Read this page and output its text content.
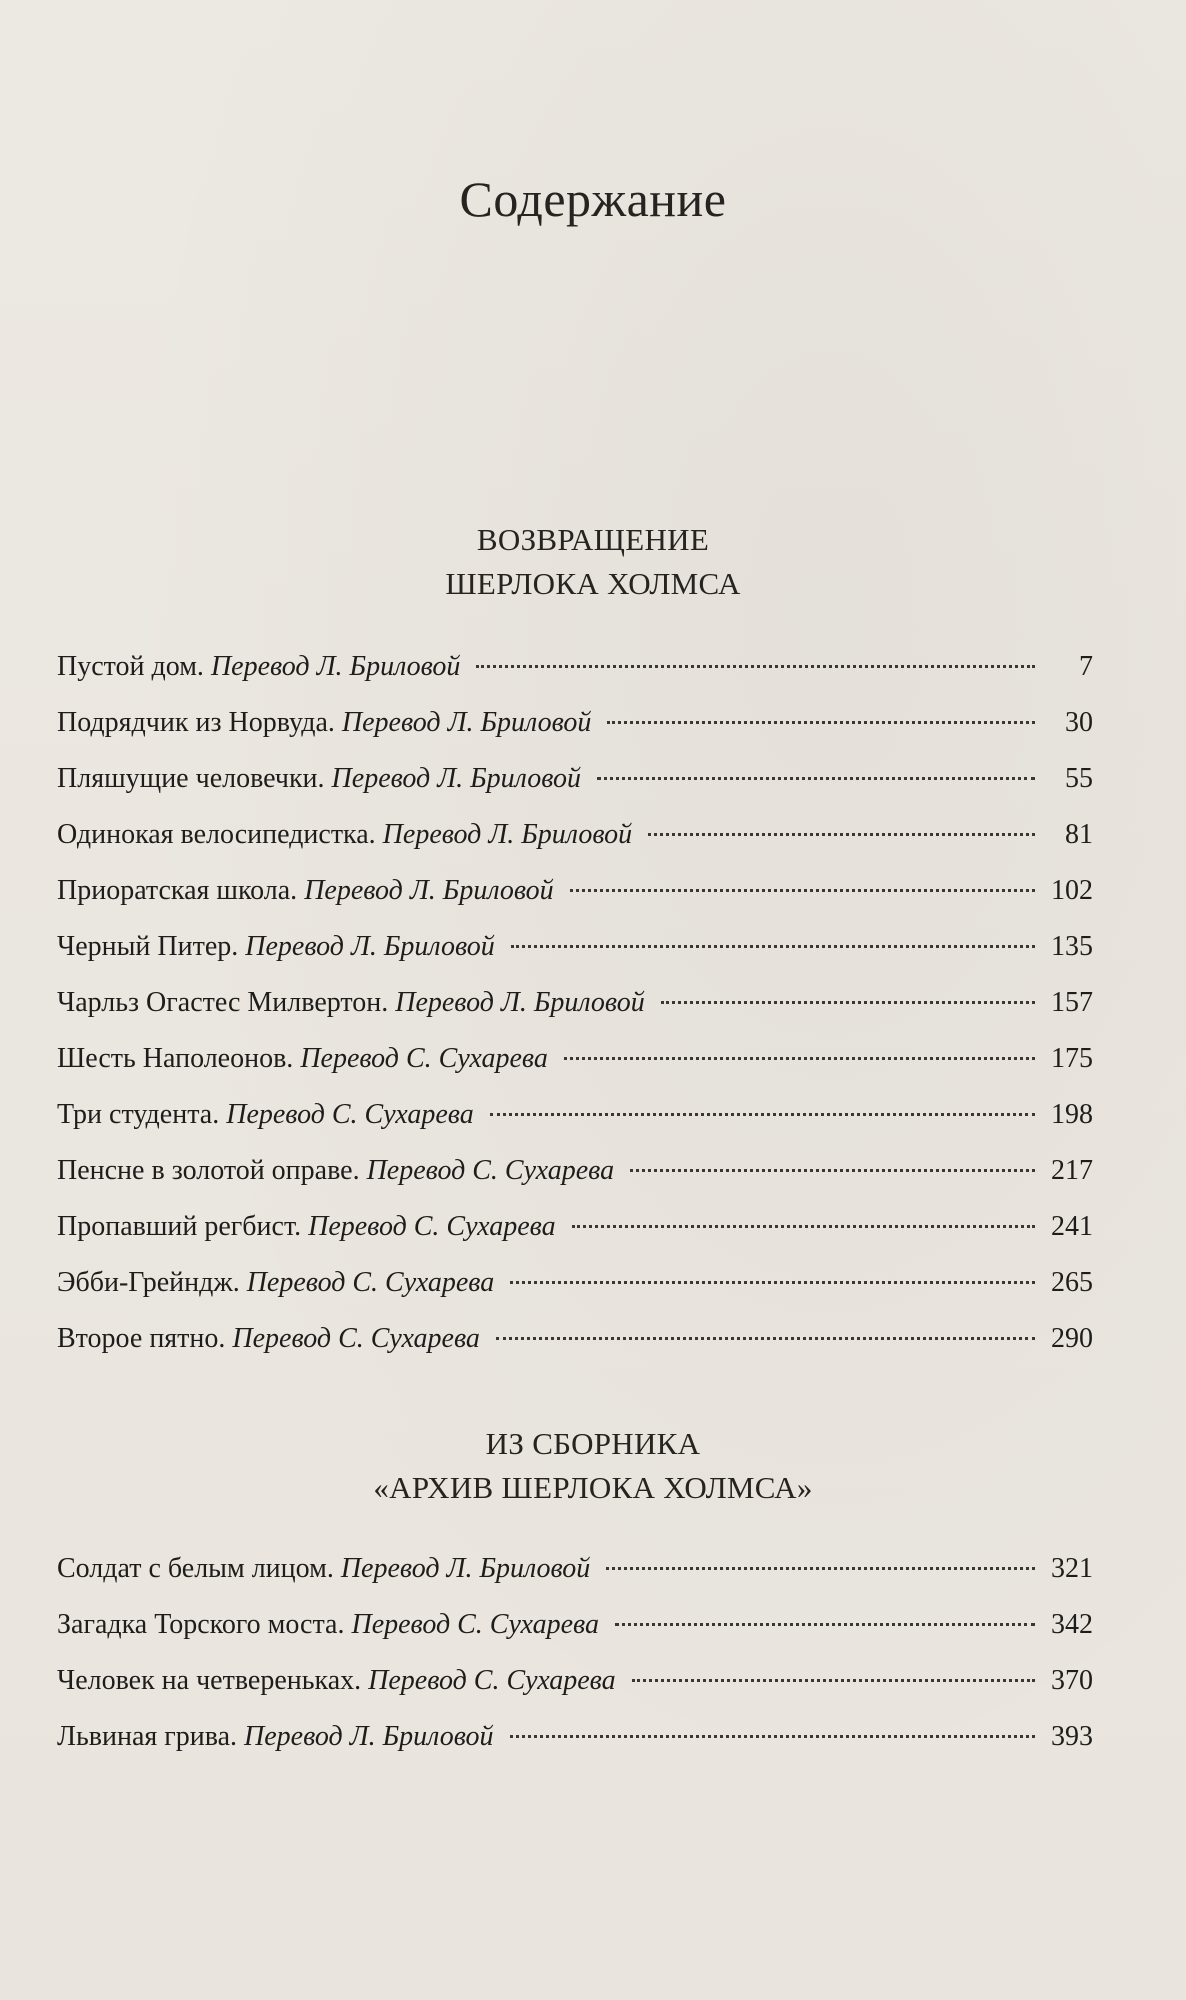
Содержание
ВОЗВРАЩЕНИЕ
ШЕРЛОКА ХОЛМСА
Пустой дом. Перевод Л. Бриловой	7
Подрядчик из Норвуда. Перевод Л. Бриловой	30
Пляшущие человечки. Перевод Л. Бриловой	55
Одинокая велосипедистка. Перевод Л. Бриловой	81
Приоратская школа. Перевод Л. Бриловой	102
Черный Питер. Перевод Л. Бриловой	135
Чарльз Огастес Милвертон. Перевод Л. Бриловой	157
Шесть Наполеонов. Перевод С. Сухарева	175
Три студента. Перевод С. Сухарева	198
Пенсне в золотой оправе. Перевод С. Сухарева	217
Пропавший регбист. Перевод С. Сухарева	241
Эбби-Грейндж. Перевод С. Сухарева	265
Второе пятно. Перевод С. Сухарева	290
ИЗ СБОРНИКА
«АРХИВ ШЕРЛОКА ХОЛМСА»
Солдат с белым лицом. Перевод Л. Бриловой	321
Загадка Торского моста. Перевод С. Сухарева	342
Человек на четвереньках. Перевод С. Сухарева	370
Львиная грива. Перевод Л. Бриловой	393
